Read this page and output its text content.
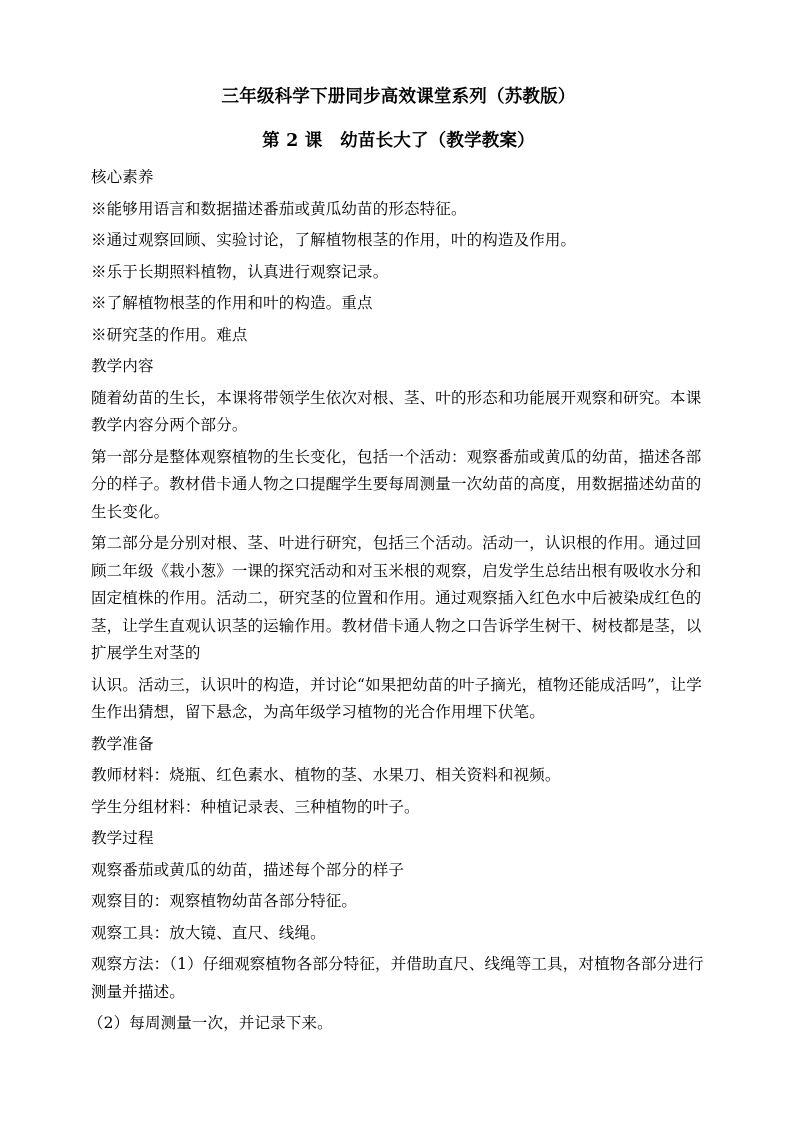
三年级科学下册同步高效课堂系列（苏教版）
第 2 课　幼苗长大了（教学教案）

核心素养

※能够用语言和数据描述番茄或黄瓜幼苗的形态特征。

※通过观察回顾、实验讨论，了解植物根茎的作用，叶的构造及作用。

※乐于长期照料植物，认真进行观察记录。

※了解植物根茎的作用和叶的构造。重点

※研究茎的作用。难点

教学内容

随着幼苗的生长，本课将带领学生依次对根、茎、叶的形态和功能展开观察和研究。本课教学内容分两个部分。

第一部分是整体观察植物的生长变化，包括一个活动：观察番茄或黄瓜的幼苗，描述各部分的样子。教材借卡通人物之口提醒学生要每周测量一次幼苗的高度，用数据描述幼苗的生长变化。

第二部分是分别对根、茎、叶进行研究，包括三个活动。活动一，认识根的作用。通过回顾二年级《栽小葱》一课的探究活动和对玉米根的观察，启发学生总结出根有吸收水分和固定植株的作用。活动二，研究茎的位置和作用。通过观察插入红色水中后被染成红色的茎，让学生直观认识茎的运输作用。教材借卡通人物之口告诉学生树干、树枝都是茎，以扩展学生对茎的

认识。活动三，认识叶的构造，并讨论“如果把幼苗的叶子摘光，植物还能成活吗”，让学生作出猜想，留下悬念，为高年级学习植物的光合作用埋下伏笔。

教学准备

教师材料：烧瓶、红色素水、植物的茎、水果刀、相关资料和视频。

学生分组材料：种植记录表、三种植物的叶子。

教学过程

观察番茄或黄瓜的幼苗，描述每个部分的样子

观察目的：观察植物幼苗各部分特征。

观察工具：放大镜、直尺、线绳。

观察方法：（1）仔细观察植物各部分特征，并借助直尺、线绳等工具，对植物各部分进行测量并描述。

（2）每周测量一次，并记录下来。
